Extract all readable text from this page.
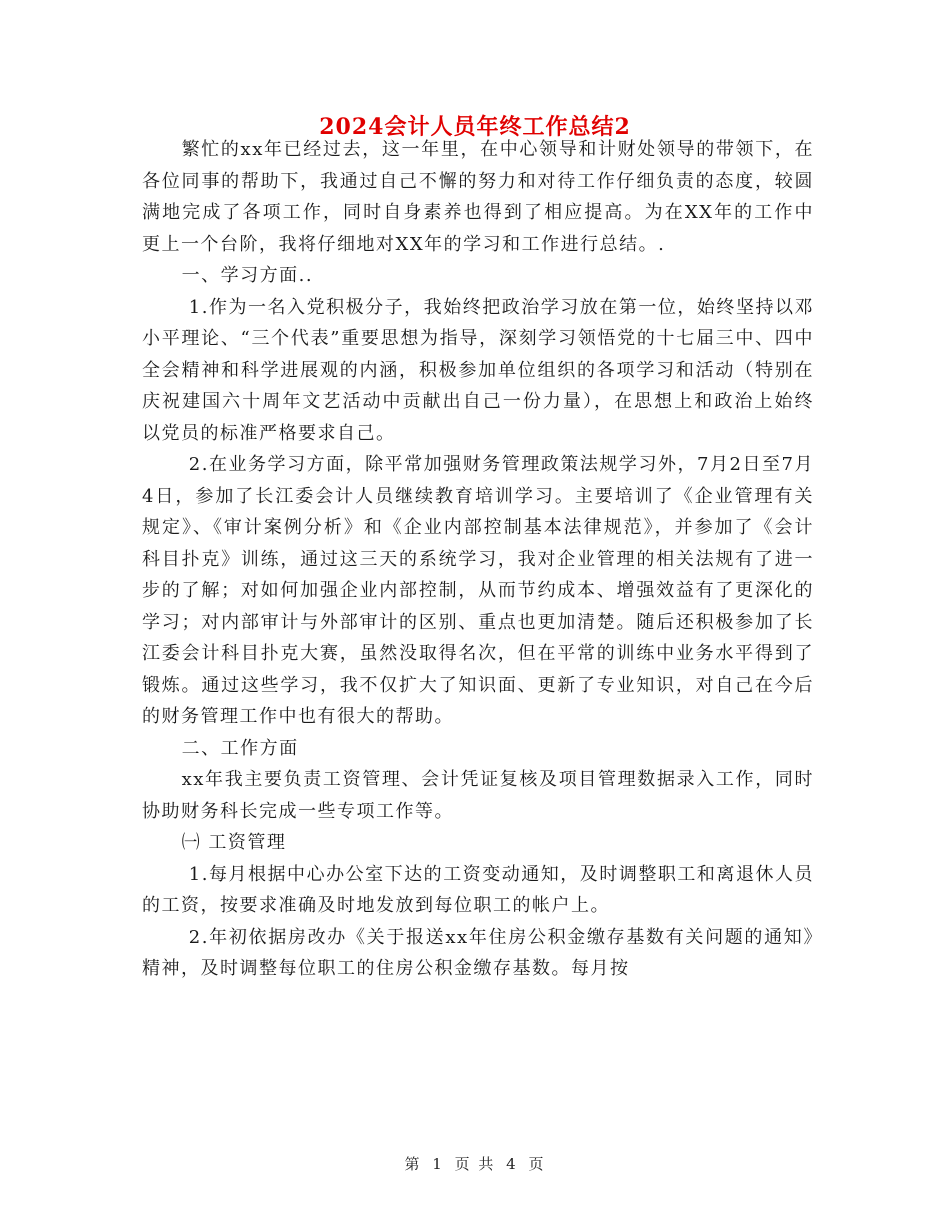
2024会计人员年终工作总结2

繁忙的xx年已经过去，这一年里，在中心领导和计财处领导的带领下，在各位同事的帮助下，我通过自己不懈的努力和对待工作仔细负责的态度，较圆满地完成了各项工作，同时自身素养也得到了相应提高。为在XX年的工作中更上一个台阶，我将仔细地对XX年的学习和工作进行总结。.

一、学习方面..

1.作为一名入党积极分子，我始终把政治学习放在第一位，始终坚持以邓小平理论、“三个代表”重要思想为指导，深刻学习领悟党的十七届三中、四中全会精神和科学进展观的内涵，积极参加单位组织的各项学习和活动（特别在庆祝建国六十周年文艺活动中贡献出自己一份力量），在思想上和政治上始终以党员的标准严格要求自己。

2.在业务学习方面，除平常加强财务管理政策法规学习外，7月2日至7月4日，参加了长江委会计人员继续教育培训学习。主要培训了《企业管理有关规定》、《审计案例分析》和《企业内部控制基本法律规范》，并参加了《会计科目扑克》训练，通过这三天的系统学习，我对企业管理的相关法规有了进一步的了解；对如何加强企业内部控制，从而节约成本、增强效益有了更深化的学习；对内部审计与外部审计的区别、重点也更加清楚。随后还积极参加了长江委会计科目扑克大赛，虽然没取得名次，但在平常的训练中业务水平得到了锻炼。通过这些学习，我不仅扩大了知识面、更新了专业知识，对自己在今后的财务管理工作中也有很大的帮助。

二、工作方面

xx年我主要负责工资管理、会计凭证复核及项目管理数据录入工作，同时协助财务科长完成一些专项工作等。

㈠ 工资管理

1.每月根据中心办公室下达的工资变动通知，及时调整职工和离退休人员的工资，按要求准确及时地发放到每位职工的帐户上。

2.年初依据房改办《关于报送xx年住房公积金缴存基数有关问题的通知》精神，及时调整每位职工的住房公积金缴存基数。每月按

第 1 页 共 4 页
